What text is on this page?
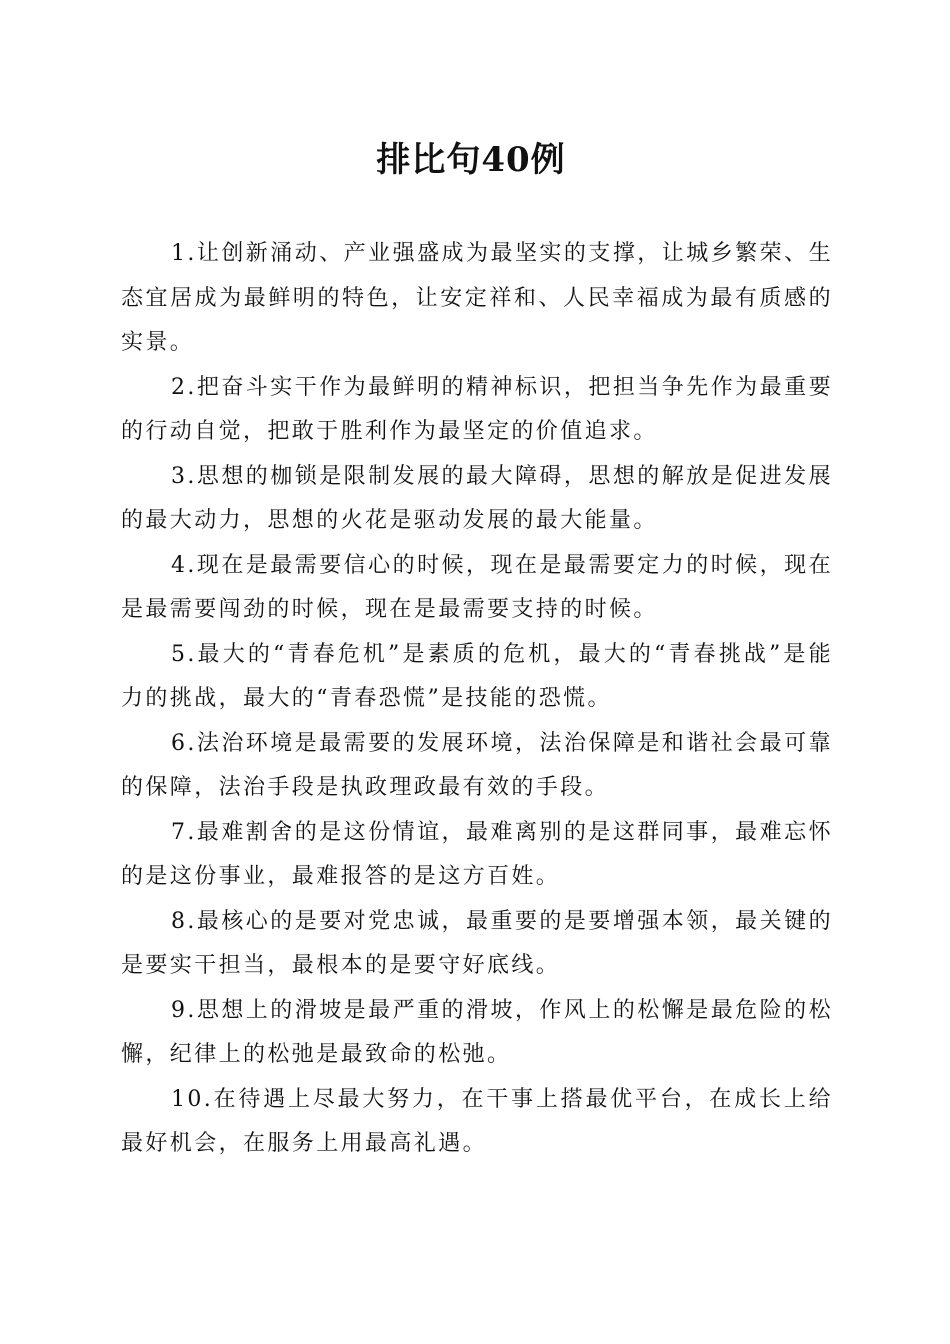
排比句40例

1.让创新涌动、产业强盛成为最坚实的支撑，让城乡繁荣、生态宜居成为最鲜明的特色，让安定祥和、人民幸福成为最有质感的实景。

2.把奋斗实干作为最鲜明的精神标识，把担当争先作为最重要的行动自觉，把敢于胜利作为最坚定的价值追求。

3.思想的枷锁是限制发展的最大障碍，思想的解放是促进发展的最大动力，思想的火花是驱动发展的最大能量。

4.现在是最需要信心的时候，现在是最需要定力的时候，现在是最需要闯劲的时候，现在是最需要支持的时候。

5.最大的“青春危机”是素质的危机，最大的“青春挑战”是能力的挑战，最大的“青春恐慌”是技能的恐慌。

6.法治环境是最需要的发展环境，法治保障是和谐社会最可靠的保障，法治手段是执政理政最有效的手段。

7.最难割舍的是这份情谊，最难离别的是这群同事，最难忘怀的是这份事业，最难报答的是这方百姓。

8.最核心的是要对党忠诚，最重要的是要增强本领，最关键的是要实干担当，最根本的是要守好底线。

9.思想上的滑坡是最严重的滑坡，作风上的松懈是最危险的松懈，纪律上的松弛是最致命的松弛。

10.在待遇上尽最大努力，在干事上搭最优平台，在成长上给最好机会，在服务上用最高礼遇。
